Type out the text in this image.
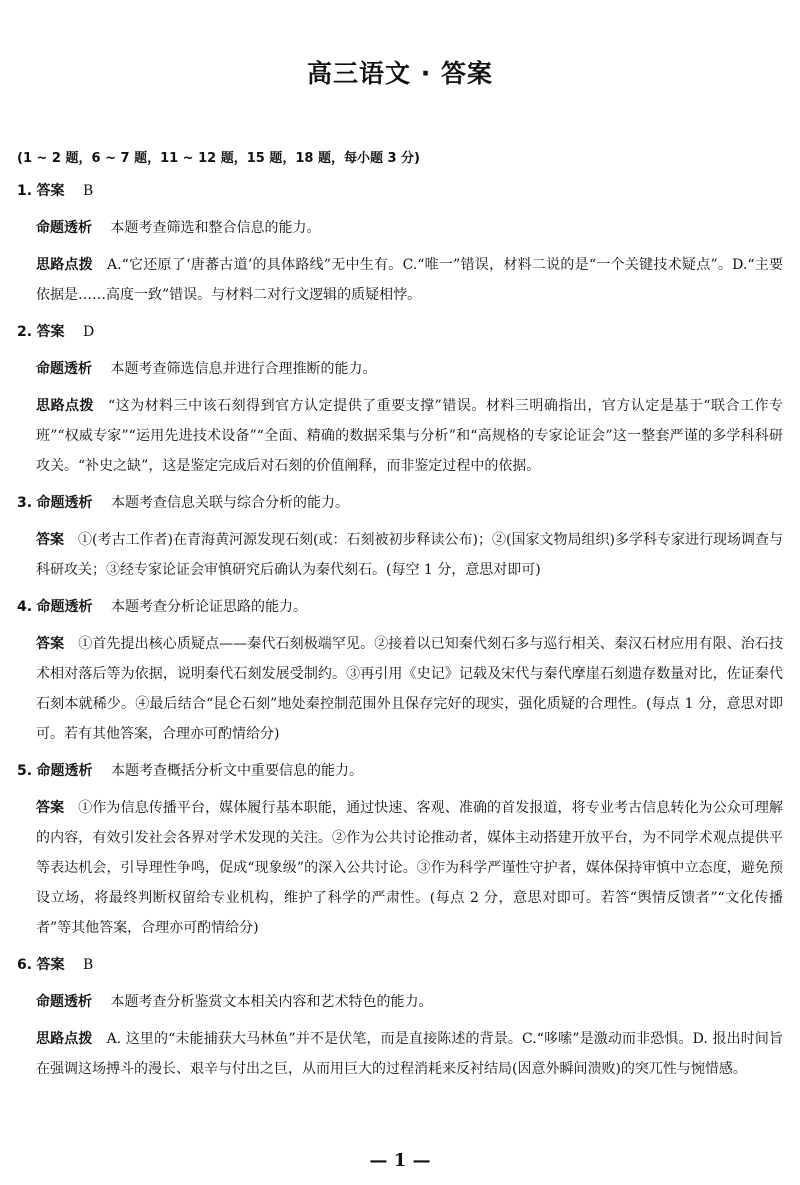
高三语文 · 答案
(1 ~ 2 题，6 ~ 7 题，11 ~ 12 题，15 题，18 题，每小题 3 分)
1. 答案 B
命题透析 本题考查筛选和整合信息的能力。
思路点拨 A.“它还原了‘唐蕃古道’的具体路线”无中生有。C.“唯一”错误，材料二说的是“一个关键技术疑点”。D.“主要依据是……高度一致”错误。与材料二对行文逻辑的质疑相悖。
2. 答案 D
命题透析 本题考查筛选信息并进行合理推断的能力。
思路点拨 “这为材料三中该石刻得到官方认定提供了重要支撑”错误。材料三明确指出，官方认定是基于“联合工作专班”“权威专家”“运用先进技术设备”“全面、精确的数据采集与分析”和“高规格的专家论证会”这一整套严谨的多学科科研攻关。“补史之缺”，这是鉴定完成后对石刻的价值阐释，而非鉴定过程中的依据。
3. 命题透析 本题考查信息关联与综合分析的能力。
答案 ①(考古工作者)在青海黄河源发现石刻(或：石刻被初步释读公布)；②(国家文物局组织)多学科专家进行现场调查与科研攻关；③经专家论证会审慎研究后确认为秦代刻石。(每空 1 分，意思对即可)
4. 命题透析 本题考查分析论证思路的能力。
答案 ①首先提出核心质疑点——秦代石刻极端罕见。②接着以已知秦代刻石多与巡行相关、秦汉石材应用有限、治石技术相对落后等为依据，说明秦代石刻发展受制约。③再引用《史记》记载及宋代与秦代摩崖石刻遗存数量对比，佐证秦代石刻本就稀少。④最后结合“昆仑石刻”地处秦控制范围外且保存完好的现实，强化质疑的合理性。(每点 1 分，意思对即可。若有其他答案，合理亦可酌情给分)
5. 命题透析 本题考查概括分析文中重要信息的能力。
答案 ①作为信息传播平台，媒体履行基本职能，通过快速、客观、准确的首发报道，将专业考古信息转化为公众可理解的内容，有效引发社会各界对学术发现的关注。②作为公共讨论推动者，媒体主动搭建开放平台，为不同学术观点提供平等表达机会，引导理性争鸣，促成“现象级”的深入公共讨论。③作为科学严谨性守护者，媒体保持审慎中立态度，避免预设立场，将最终判断权留给专业机构，维护了科学的严肃性。(每点 2 分，意思对即可。若答“舆情反馈者”“文化传播者”等其他答案，合理亦可酌情给分)
6. 答案 B
命题透析 本题考查分析鉴赏文本相关内容和艺术特色的能力。
思路点拨 A. 这里的“未能捕获大马林鱼”并不是伏笔，而是直接陈述的背景。C.“哆嗦”是激动而非恐惧。D. 报出时间旨在强调这场搏斗的漫长、艰辛与付出之巨，从而用巨大的过程消耗来反衬结局(因意外瞬间溃败)的突兀性与惋惜感。
— 1 —
